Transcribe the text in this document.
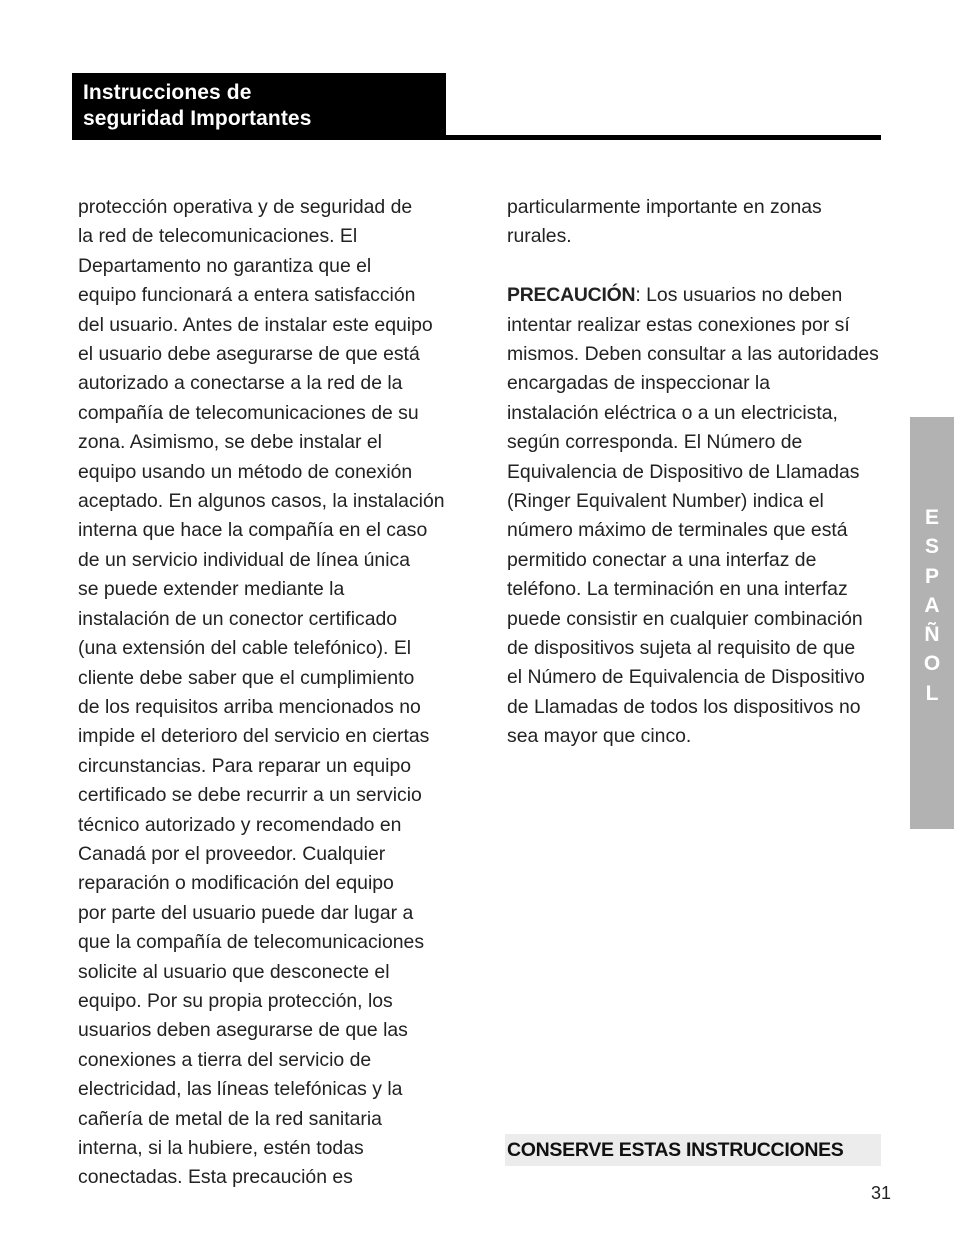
Instrucciones de
seguridad Importantes

protección operativa y de seguridad de

la red de telecomunicaciones. El

Departamento no garantiza que el

equipo funcionará a entera satisfacción

del usuario. Antes de instalar este equipo

el usuario debe asegurarse de que está

autorizado a conectarse a la red de la

compañía de telecomunicaciones de su

zona. Asimismo, se debe instalar el

equipo usando un método de conexión

aceptado. En algunos casos, la instalación

interna que hace la compañía en el caso

de un servicio individual de línea única

se puede extender mediante la

instalación de un conector certificado

(una extensión del cable telefónico). El

cliente debe saber que el cumplimiento

de los requisitos arriba mencionados no

impide el deterioro del servicio en ciertas

circunstancias. Para reparar un equipo

certificado se debe recurrir a un servicio

técnico autorizado y recomendado en

Canadá por el proveedor. Cualquier

reparación o modificación del equipo

por parte del usuario puede dar lugar a

que la compañía de telecomunicaciones

solicite al usuario que desconecte el

equipo. Por su propia protección, los

usuarios deben asegurarse de que las

conexiones a tierra del servicio de

electricidad, las líneas telefónicas y la

cañería de metal de la red sanitaria

interna, si la hubiere, estén todas

conectadas. Esta precaución es

particularmente importante en zonas

rurales.

PRECAUCIÓN: Los usuarios no deben

intentar realizar estas conexiones por sí

mismos. Deben consultar a las autoridades

encargadas de inspeccionar la

instalación eléctrica o a un electricista,

según corresponda. El Número de

Equivalencia de Dispositivo de Llamadas

(Ringer Equivalent Number) indica el

número máximo de terminales que está

permitido conectar a una interfaz de

teléfono. La terminación en una interfaz

puede consistir en cualquier combinación

de dispositivos sujeta al requisito de que

el Número de Equivalencia de Dispositivo

de Llamadas de todos los dispositivos no

sea mayor que cinco.

CONSERVE ESTAS INSTRUCCIONES
E
S
P
A
Ñ
O
L
31
